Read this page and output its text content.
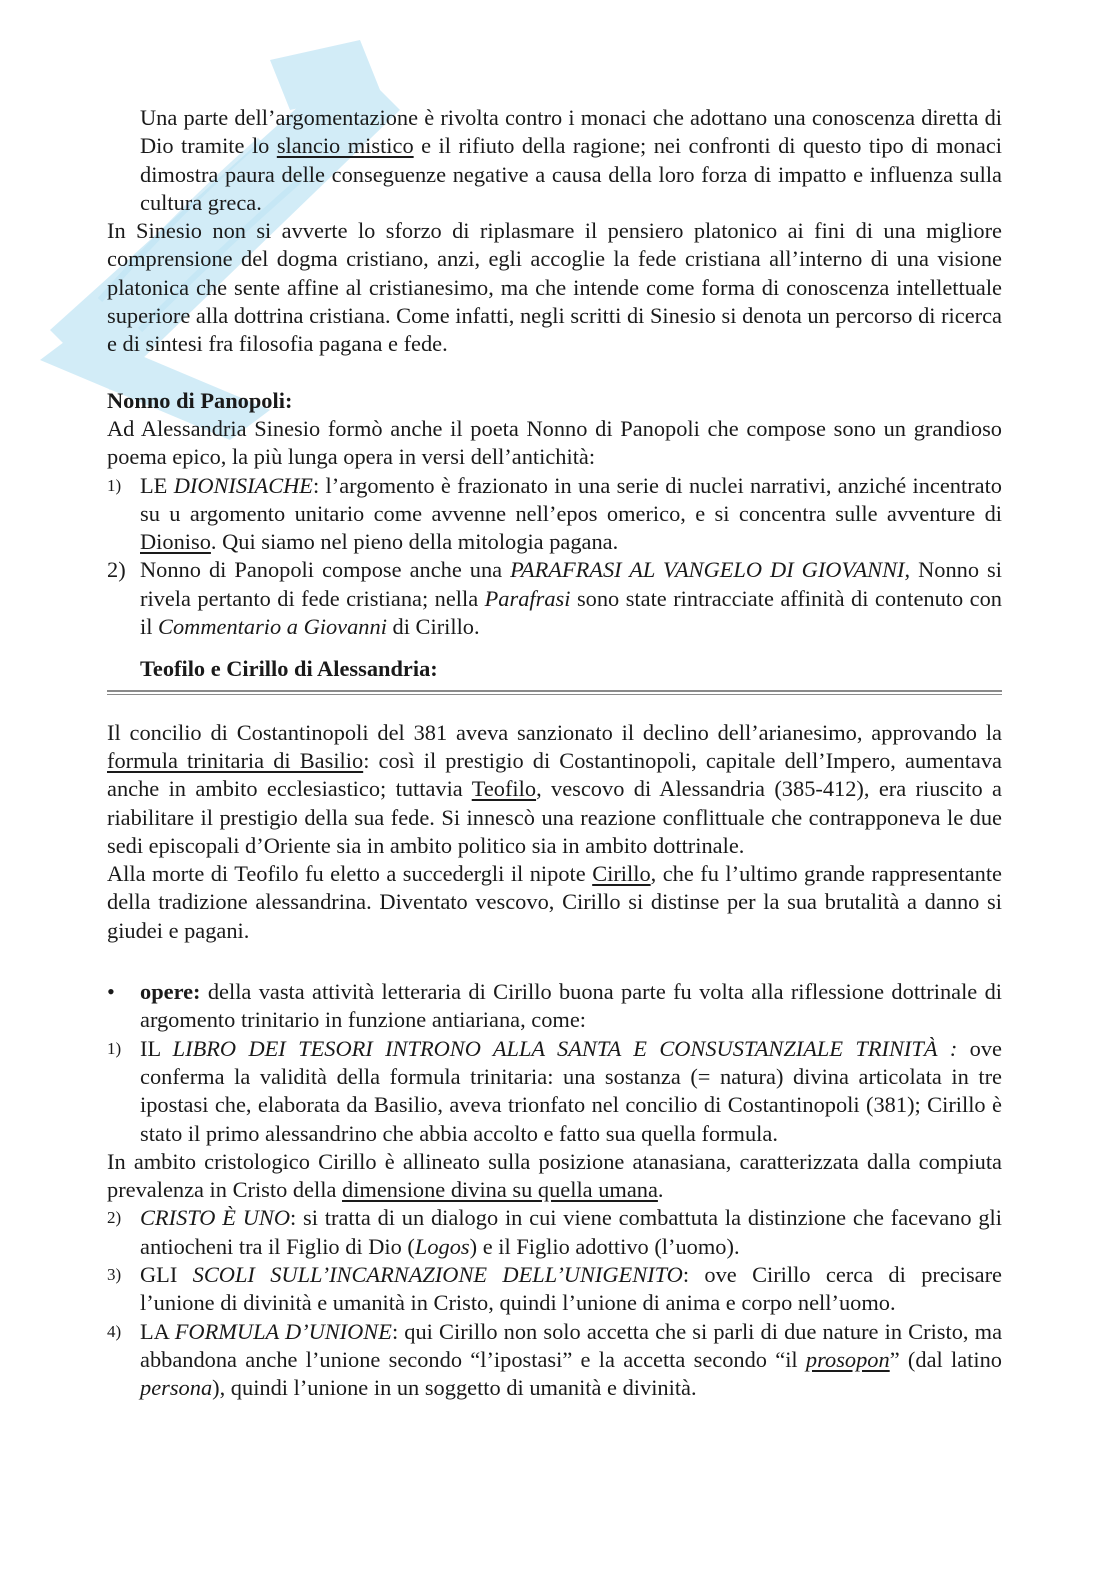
Una parte dell’argomentazione è rivolta contro i monaci che adottano una conoscenza diretta di Dio tramite lo slancio mistico e il rifiuto della ragione; nei confronti di questo tipo di monaci dimostra paura delle conseguenze negative a causa della loro forza di impatto e influenza sulla cultura greca.

In Sinesio non si avverte lo sforzo di riplasmare il pensiero platonico ai fini di una migliore comprensione del dogma cristiano, anzi, egli accoglie la fede cristiana all’interno di una visione platonica che sente affine al cristianesimo, ma che intende come forma di conoscenza intellettuale superiore alla dottrina cristiana. Come infatti, negli scritti di Sinesio si denota un percorso di ricerca e di sintesi fra filosofia pagana e fede.

Nonno di Panopoli:

Ad Alessandria Sinesio formò anche il poeta Nonno di Panopoli che compose sono un grandioso poema epico, la più lunga opera in versi dell’antichità:

1) LE DIONISIACHE: l’argomento è frazionato in una serie di nuclei narrativi, anziché incentrato su u argomento unitario come avvenne nell’epos omerico, e si concentra sulle avventure di Dioniso. Qui siamo nel pieno della mitologia pagana.
2) Nonno di Panopoli compose anche una PARAFRASI AL VANGELO DI GIOVANNI, Nonno si rivela pertanto di fede cristiana; nella Parafrasi sono state rintracciate affinità di contenuto con il Commentario a Giovanni di Cirillo.
Teofilo e Cirillo di Alessandria:

Il concilio di Costantinopoli del 381 aveva sanzionato il declino dell’arianesimo, approvando la formula trinitaria di Basilio: così il prestigio di Costantinopoli, capitale dell’Impero, aumentava anche in ambito ecclesiastico; tuttavia Teofilo, vescovo di Alessandria (385-412), era riuscito a riabilitare il prestigio della sua fede. Si innescò una reazione conflittuale che contrapponeva le due sedi episcopali d’Oriente sia in ambito politico sia in ambito dottrinale.

Alla morte di Teofilo fu eletto a succedergli il nipote Cirillo, che fu l’ultimo grande rappresentante della tradizione alessandrina. Diventato vescovo, Cirillo si distinse per la sua brutalità a danno si giudei e pagani.

• opere: della vasta attività letteraria di Cirillo buona parte fu volta alla riflessione dottrinale di argomento trinitario in funzione antiariana, come:
1) IL LIBRO DEI TESORI INTRONO ALLA SANTA E CONSUSTANZIALE TRINITÀ : ove conferma la validità della formula trinitaria: una sostanza (= natura) divina articolata in tre ipostasi che, elaborata da Basilio, aveva trionfato nel concilio di Costantinopoli (381); Cirillo è stato il primo alessandrino che abbia accolto e fatto sua quella formula.

In ambito cristologico Cirillo è allineato sulla posizione atanasiana, caratterizzata dalla compiuta prevalenza in Cristo della dimensione divina su quella umana.

2) CRISTO È UNO: si tratta di un dialogo in cui viene combattuta la distinzione che facevano gli antiocheni tra il Figlio di Dio (Logos) e il Figlio adottivo (l’uomo).
3) GLI SCOLI SULL’INCARNAZIONE DELL’UNIGENITO: ove Cirillo cerca di precisare l’unione di divinità e umanità in Cristo, quindi l’unione di anima e corpo nell’uomo.
4) LA FORMULA D’UNIONE: qui Cirillo non solo accetta che si parli di due nature in Cristo, ma abbandona anche l’unione secondo “l’ipostasi” e la accetta secondo “il prosopon” (dal latino persona), quindi l’unione in un soggetto di umanità e divinità.
